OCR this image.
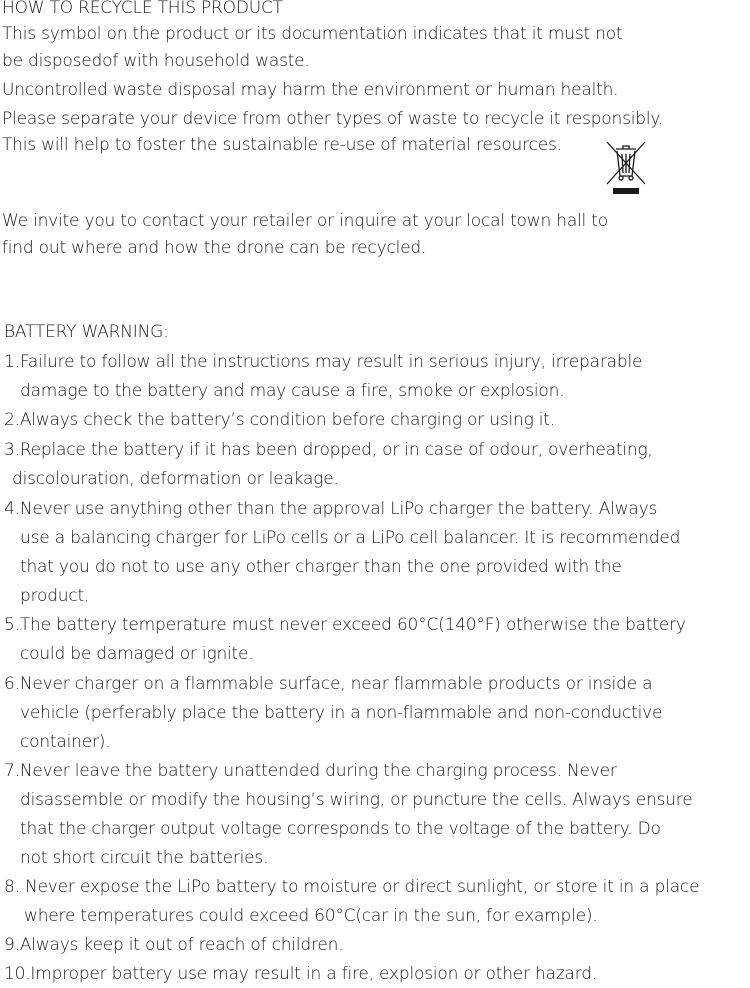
HOW TO RECYCLE THIS PRODUCT
This symbol on the product or its documentation indicates that it must not
be disposedof with household waste.
Uncontrolled waste disposal may harm the environment or human health.
Please separate your device from other types of waste to recycle it responsibly.
This will help to foster the sustainable re-use of material resources.
We invite you to contact your retailer or inquire at your local town hall to
find out where and how the drone can be recycled.
BATTERY WARNING:
1.Failure to follow all the instructions may result in serious injury, irreparable
damage to the battery and may cause a fire, smoke or explosion.
2.Always check the battery’s condition before charging or using it.
3.Replace the battery if it has been dropped, or in case of odour, overheating,
discolouration, deformation or leakage.
4.Never use anything other than the approval LiPo charger the battery. Always
use a balancing charger for LiPo cells or a LiPo cell balancer. It is recommended
that you do not to use any other charger than the one provided with the
product.
5.The battery temperature must never exceed 60°C(140°F) otherwise the battery
could be damaged or ignite.
6.Never charger on a flammable surface, near flammable products or inside a
vehicle (perferably place the battery in a non-flammable and non-conductive
container).
7.Never leave the battery unattended during the charging process. Never
disassemble or modify the housing’s wiring, or puncture the cells. Always ensure
that the charger output voltage corresponds to the voltage of the battery. Do
not short circuit the batteries.
8. Never expose the LiPo battery to moisture or direct sunlight, or store it in a place
where temperatures could exceed 60°C(car in the sun, for example).
9.Always keep it out of reach of children.
10.Improper battery use may result in a fire, explosion or other hazard.
